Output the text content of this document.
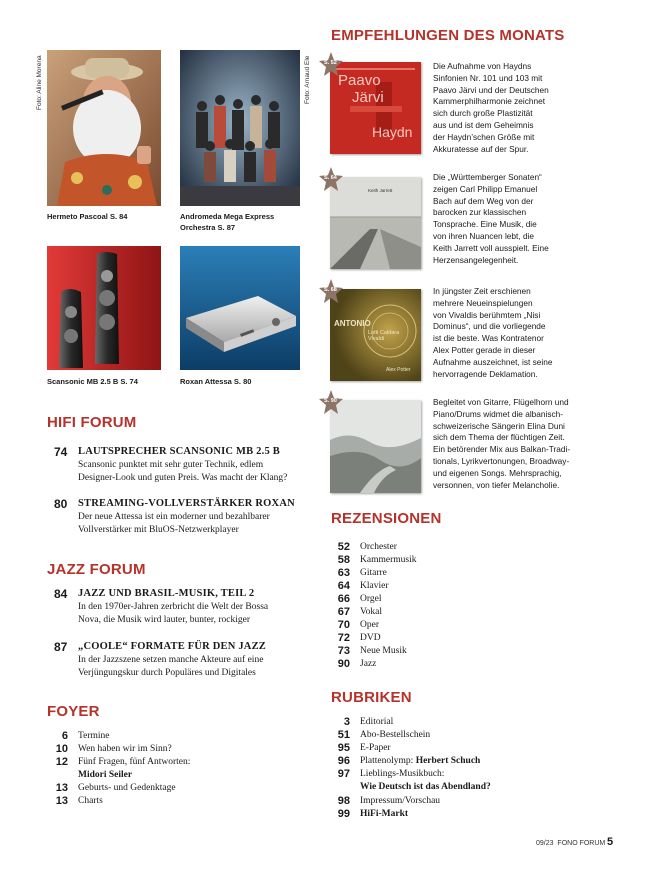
Foto: Aline Morena
Hermeto Pascoal S. 84
Foto: Arnaud Ele
Andromeda Mega Express
Orchestra S. 87
Scansonic MB 2.5 B S. 74	Roxan Attessa S. 80
HIFI FORUM
74 LAUTSPRECHER SCANSONIC MB 2.5 B
Scansonic punktet mit sehr guter Technik, edlem
Designer-Look und guten Preis. Was macht der Klang?
80 STREAMING-VOLLVERSTÄRKER ROXAN
Der neue Attessa ist ein moderner und bezahlbarer
Vollverstärker mit BluOS-Netzwerkplayer
JAZZ FORUM
84 JAZZ UND BRASIL-MUSIK, TEIL 2
In den 1970er-Jahren zerbricht die Welt der Bossa
Nova, die Musik wird lauter, bunter, rockiger
87 „COOLE“ FORMATE FÜR DEN JAZZ
In der Jazzszene setzen manche Akteure auf eine
Verjüngungskur durch Populäres und Digitales
FOYER
6 Termine
10 Wen haben wir im Sinn?
12 Fünf Fragen, fünf Antworten:
Midori Seiler
13 Geburts- und Gedenktage
13 Charts
EMPFEHLUNGEN DES MONATS
Paavo
Järvi
Haydn
S. 52	Die Aufnahme von Haydns
Sinfonien Nr. 101 und 103 mit
Paavo Järvi und der Deutschen
Kammerphilharmonie zeichnet
sich durch große Plastizität
aus und ist dem Geheimnis
der Haydn’schen Größe mit
Akkuratesse auf der Spur.
Keith Jarrett
S. 64	Die „Württemberger Sonaten“
zeigen Carl Philipp Emanuel
Bach auf dem Weg von der
barocken zur klassischen
Tonsprache. Eine Musik, die
von ihren Nuancen lebt, die
Keith Jarrett voll ausspielt. Eine
Herzensangelegenheit.
ANTONIO
Lotti Caldara Vivaldi
Alex Potter
S. 68	In jüngster Zeit erschienen
mehrere Neueinspielungen
von Vivaldis berühmtem „Nisi
Dominus“, und die vorliegende
ist die beste. Was Kontratenor
Alex Potter gerade in dieser
Aufnahme auszeichnet, ist seine
hervorragende Deklamation.
S. 90	Begleitet von Gitarre, Flügelhorn und
Piano/Drums widmet die albanisch-
schweizerische Sängerin Elina Duni
sich dem Thema der flüchtigen Zeit.
Ein betörender Mix aus Balkan-Tradi-
tionals, Lyrikvertonungen, Broadway-
und eigenen Songs. Mehrsprachig,
versonnen, von tiefer Melancholie.
REZENSIONEN
52 Orchester
58 Kammermusik
63 Gitarre
64 Klavier
66 Orgel
67 Vokal
70 Oper
72 DVD
73 Neue Musik
90 Jazz
RUBRIKEN
3 Editorial
51 Abo-Bestellschein
95 E-Paper
96 Plattenolymp: Herbert Schuch
97 Lieblings-Musikbuch:
Wie Deutsch ist das Abendland?
98 Impressum/Vorschau
99 HiFi-Markt
09/23 FONO FORUM 5
